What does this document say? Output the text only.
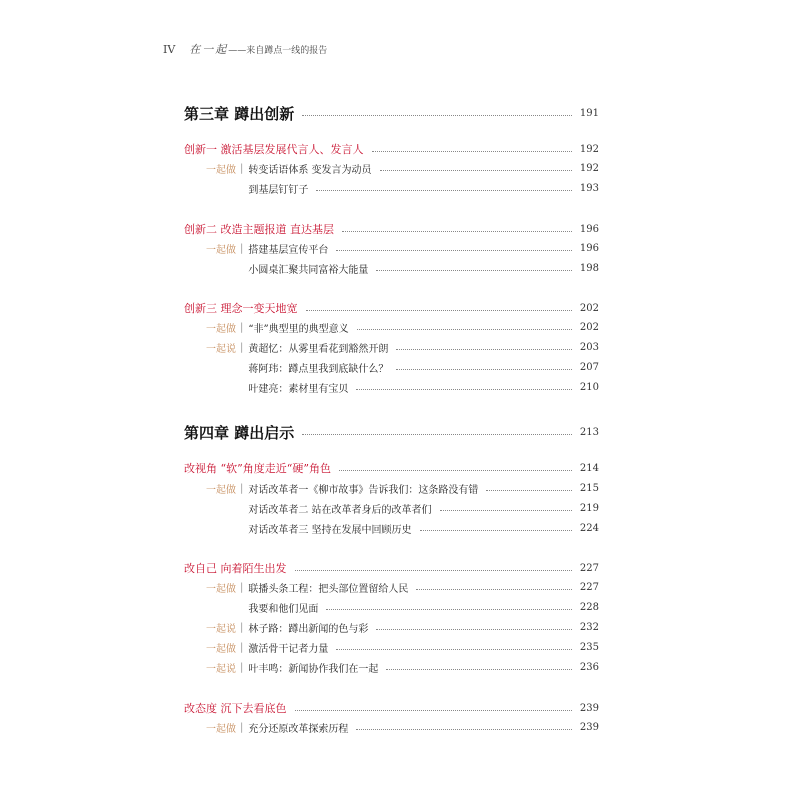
IV 在一起 ——来自蹲点一线的报告
第三章 蹲出创新	191
创新一 激活基层发展代言人、发言人	192
一起做 | 转变话语体系 变发言为动员	192
到基层钉钉子	193
创新二 改造主题报道 直达基层	196
一起做 | 搭建基层宣传平台	196
小圆桌汇聚共同富裕大能量	198
创新三 理念一变天地宽	202
一起做 | “非”典型里的典型意义	202
一起说 | 黄超忆：从雾里看花到豁然开朗	203
蒋阿玮：蹲点里我到底缺什么？	207
叶建亮：素材里有宝贝	210
第四章 蹲出启示	213
改视角 “软”角度走近“硬”角色	214
一起做 | 对话改革者一《柳市故事》告诉我们：这条路没有错	215
对话改革者二 站在改革者身后的改革者们	219
对话改革者三 坚持在发展中回顾历史	224
改自己 向着陌生出发	227
一起做 | 联播头条工程：把头部位置留给人民	227
我要和他们见面	228
一起说 | 林子路：蹲出新闻的色与彩	232
一起做 | 激活骨干记者力量	235
一起说 | 叶丰鸣：新闻协作我们在一起	236
改态度 沉下去看底色	239
一起做 | 充分还原改革探索历程	239
